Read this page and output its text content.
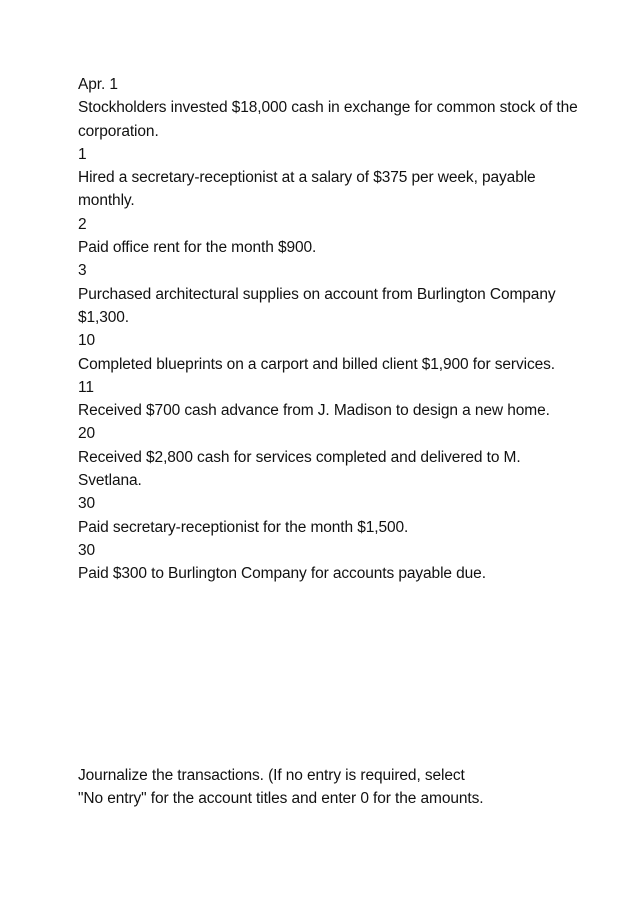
Apr. 1
Stockholders invested $18,000 cash in exchange for common stock of the corporation.
1
Hired a secretary-receptionist at a salary of $375 per week, payable monthly.
2
Paid office rent for the month $900.
3
Purchased architectural supplies on account from Burlington Company $1,300.
10
Completed blueprints on a carport and billed client $1,900 for services.
11
Received $700 cash advance from J. Madison to design a new home.
20
Received $2,800 cash for services completed and delivered to M. Svetlana.
30
Paid secretary-receptionist for the month $1,500.
30
Paid $300 to Burlington Company for accounts payable due.
Journalize the transactions. (If no entry is required, select
"No entry" for the account titles and enter 0 for the amounts.
